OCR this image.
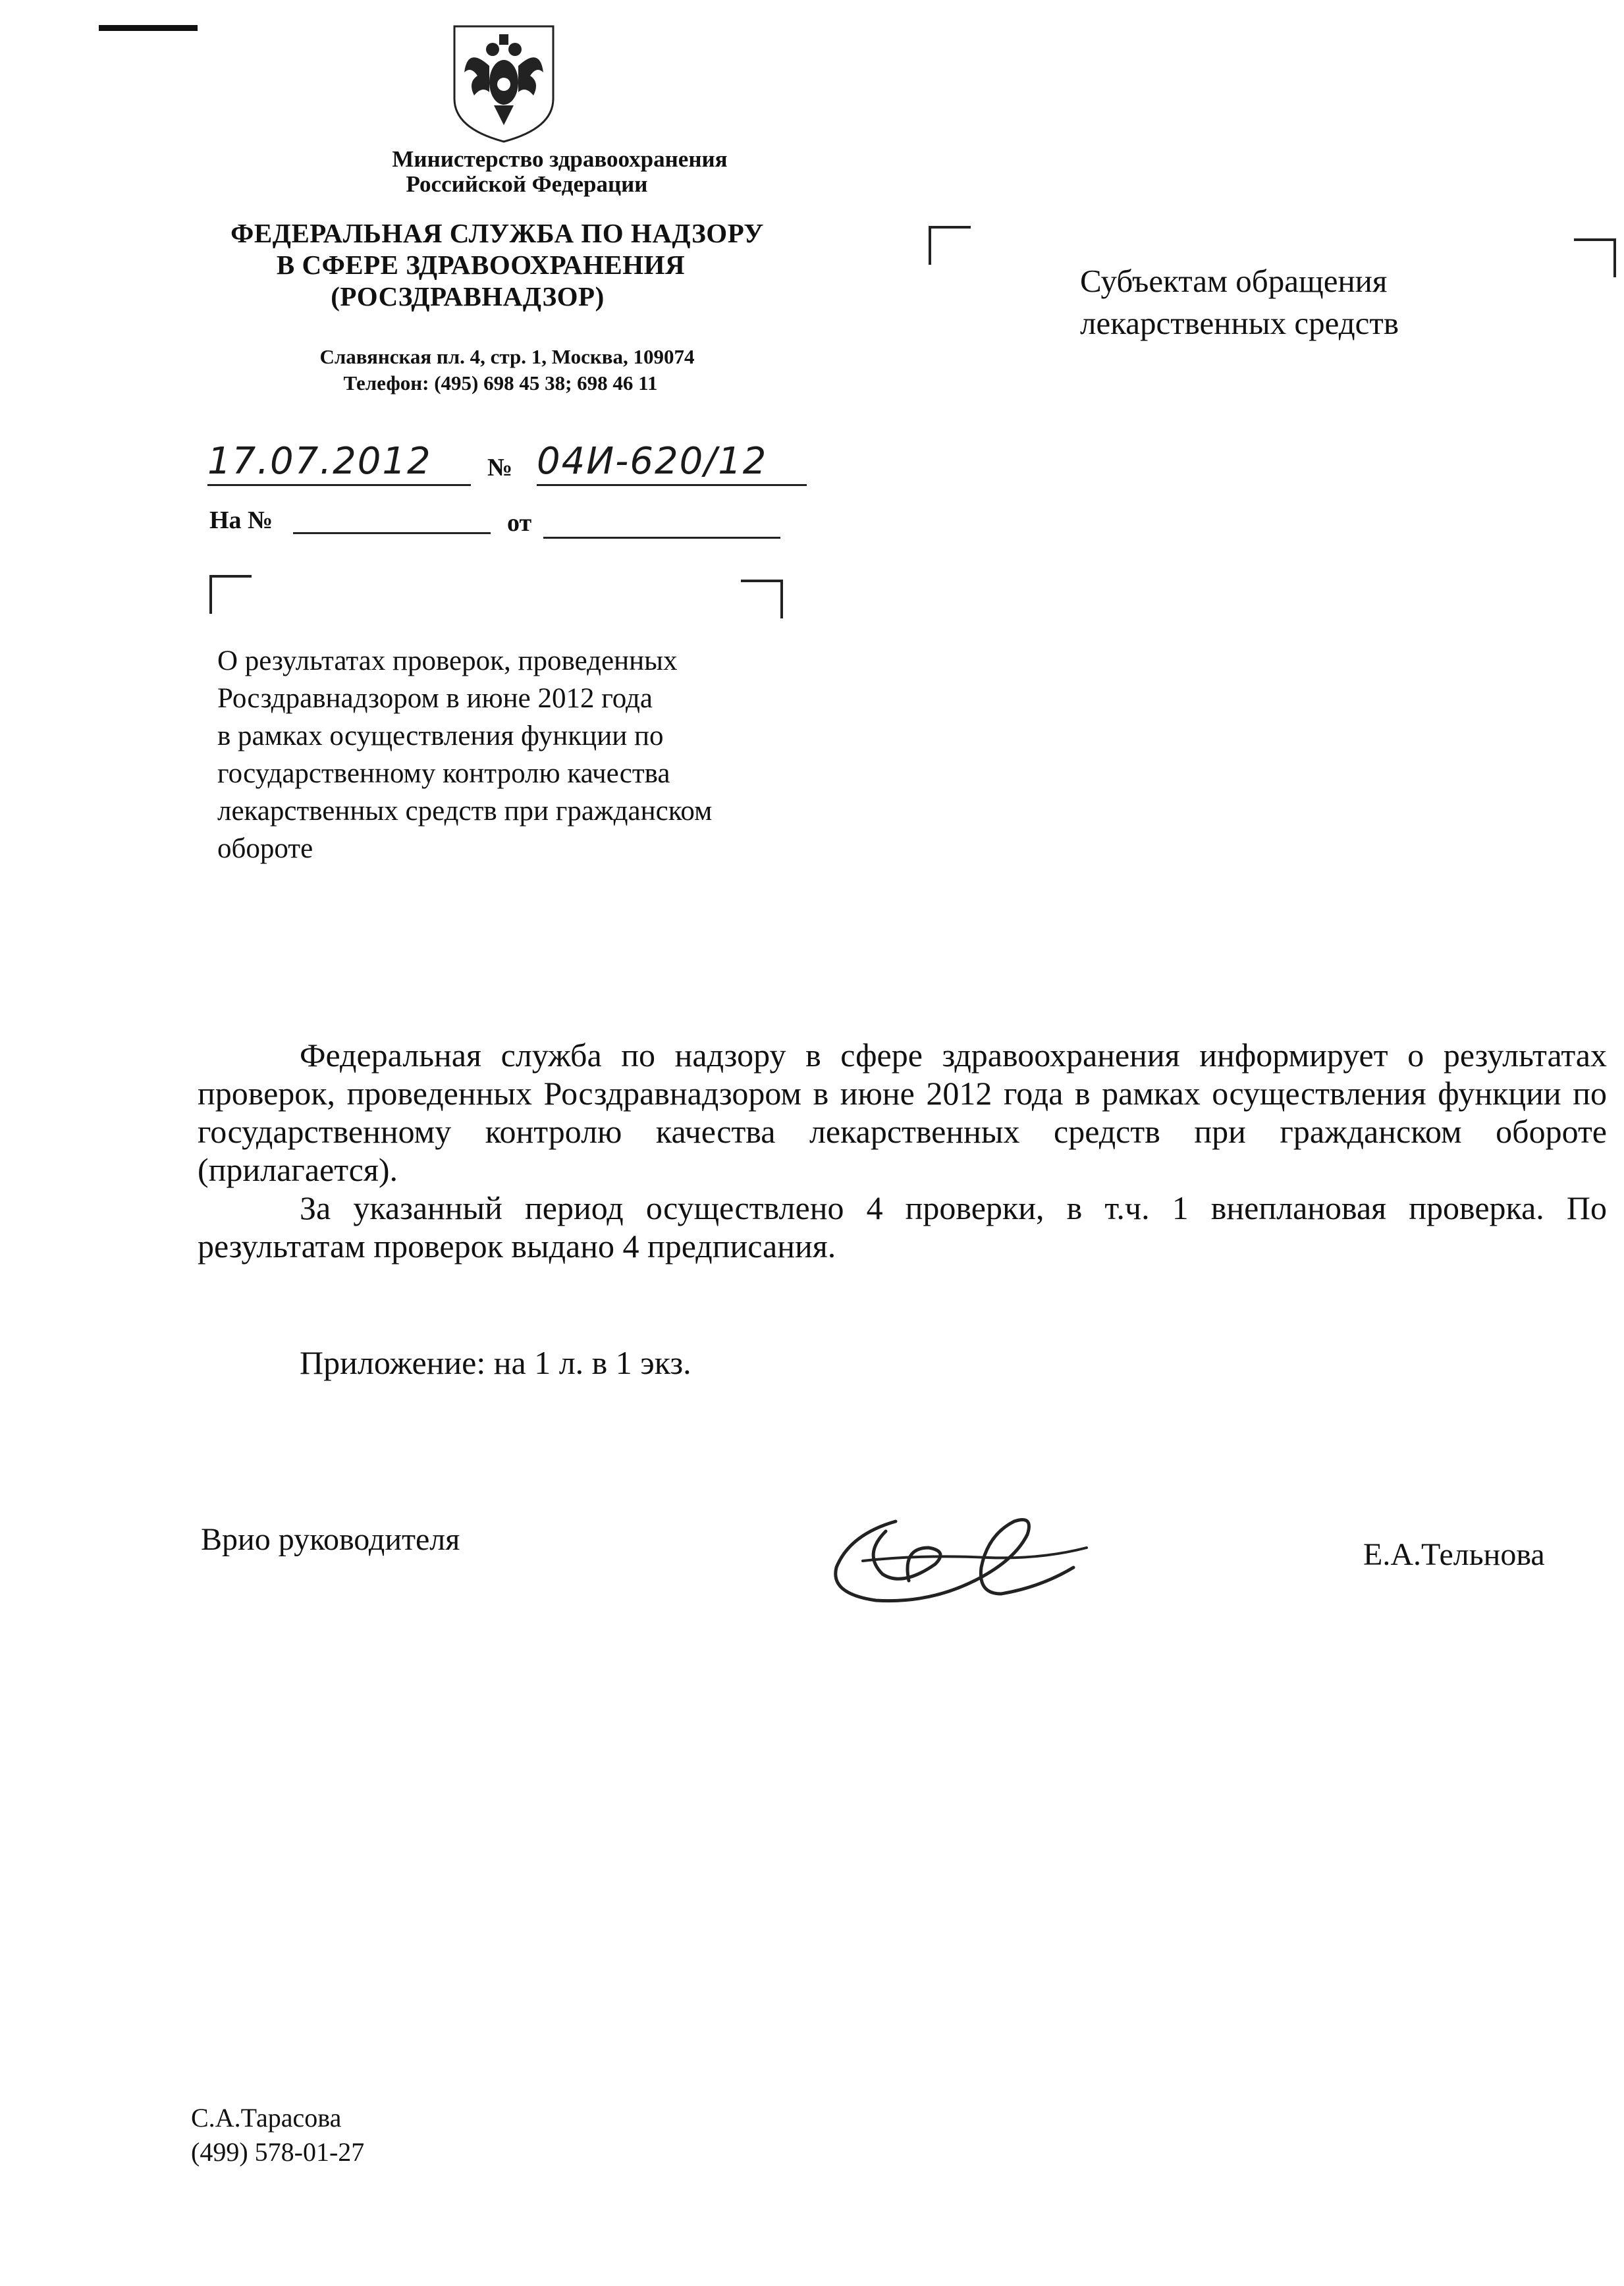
Министерство здравоохранения
Российской Федерации
ФЕДЕРАЛЬНАЯ СЛУЖБА ПО НАДЗОРУ
В СФЕРЕ ЗДРАВООХРАНЕНИЯ
(РОСЗДРАВНАДЗОР)
Славянская пл. 4, стр. 1, Москва, 109074
Телефон: (495) 698 45 38; 698 46 11
17.07.2012 № 04И-620/12
На №	от
Субъектам обращения
лекарственных средств
О результатах проверок, проведенных
Росздравнадзором в июне 2012 года
в рамках осуществления функции по
государственному контролю качества
лекарственных средств при гражданском
обороте

Федеральная служба по надзору в сфере здравоохранения информирует о результатах проверок, проведенных Росздравнадзором в июне 2012 года в рамках осуществления функции по государственному контролю качества лекарственных средств при гражданском обороте (прилагается).

За указанный период осуществлено 4 проверки, в т.ч. 1 внеплановая проверка. По результатам проверок выдано 4 предписания.

Приложение: на 1 л. в 1 экз.
Врио руководителя	Е.А.Тельнова
С.А.Тарасова
(499) 578-01-27
